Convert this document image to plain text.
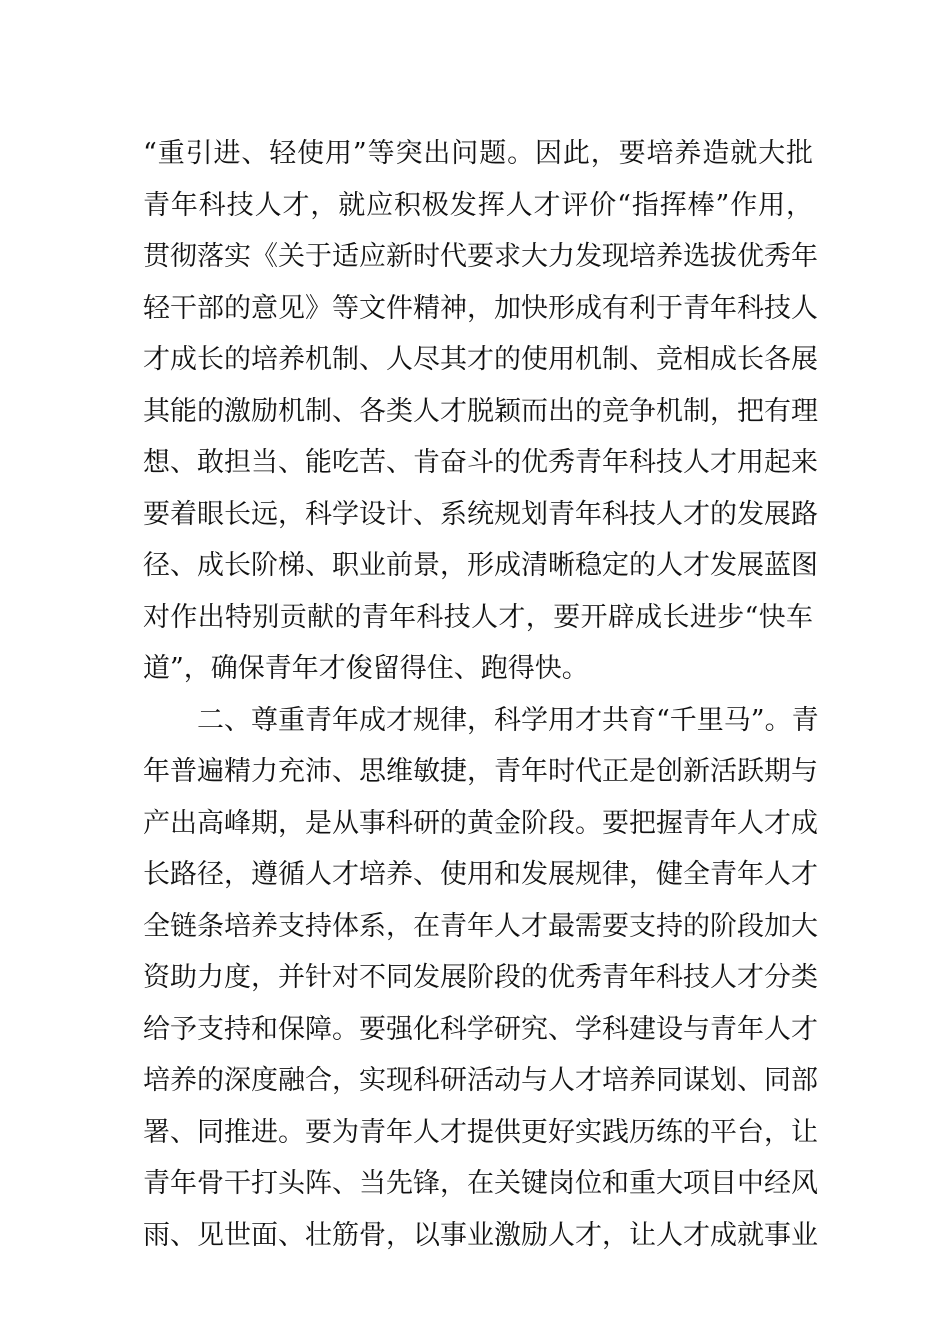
“重引进、轻使用”等突出问题。因此，要培养造就大批
青年科技人才，就应积极发挥人才评价“指挥棒”作用，
贯彻落实《关于适应新时代要求大力发现培养选拔优秀年
轻干部的意见》等文件精神，加快形成有利于青年科技人
才成长的培养机制、人尽其才的使用机制、竞相成长各展
其能的激励机制、各类人才脱颖而出的竞争机制，把有理
想、敢担当、能吃苦、肯奋斗的优秀青年科技人才用起来
要着眼长远，科学设计、系统规划青年科技人才的发展路
径、成长阶梯、职业前景，形成清晰稳定的人才发展蓝图
对作出特别贡献的青年科技人才，要开辟成长进步“快车
道”，确保青年才俊留得住、跑得快。
二、尊重青年成才规律，科学用才共育“千里马”。青
年普遍精力充沛、思维敏捷，青年时代正是创新活跃期与
产出高峰期，是从事科研的黄金阶段。要把握青年人才成
长路径，遵循人才培养、使用和发展规律，健全青年人才
全链条培养支持体系，在青年人才最需要支持的阶段加大
资助力度，并针对不同发展阶段的优秀青年科技人才分类
给予支持和保障。要强化科学研究、学科建设与青年人才
培养的深度融合，实现科研活动与人才培养同谋划、同部
署、同推进。要为青年人才提供更好实践历练的平台，让
青年骨干打头阵、当先锋，在关键岗位和重大项目中经风
雨、见世面、壮筋骨，以事业激励人才，让人才成就事业
